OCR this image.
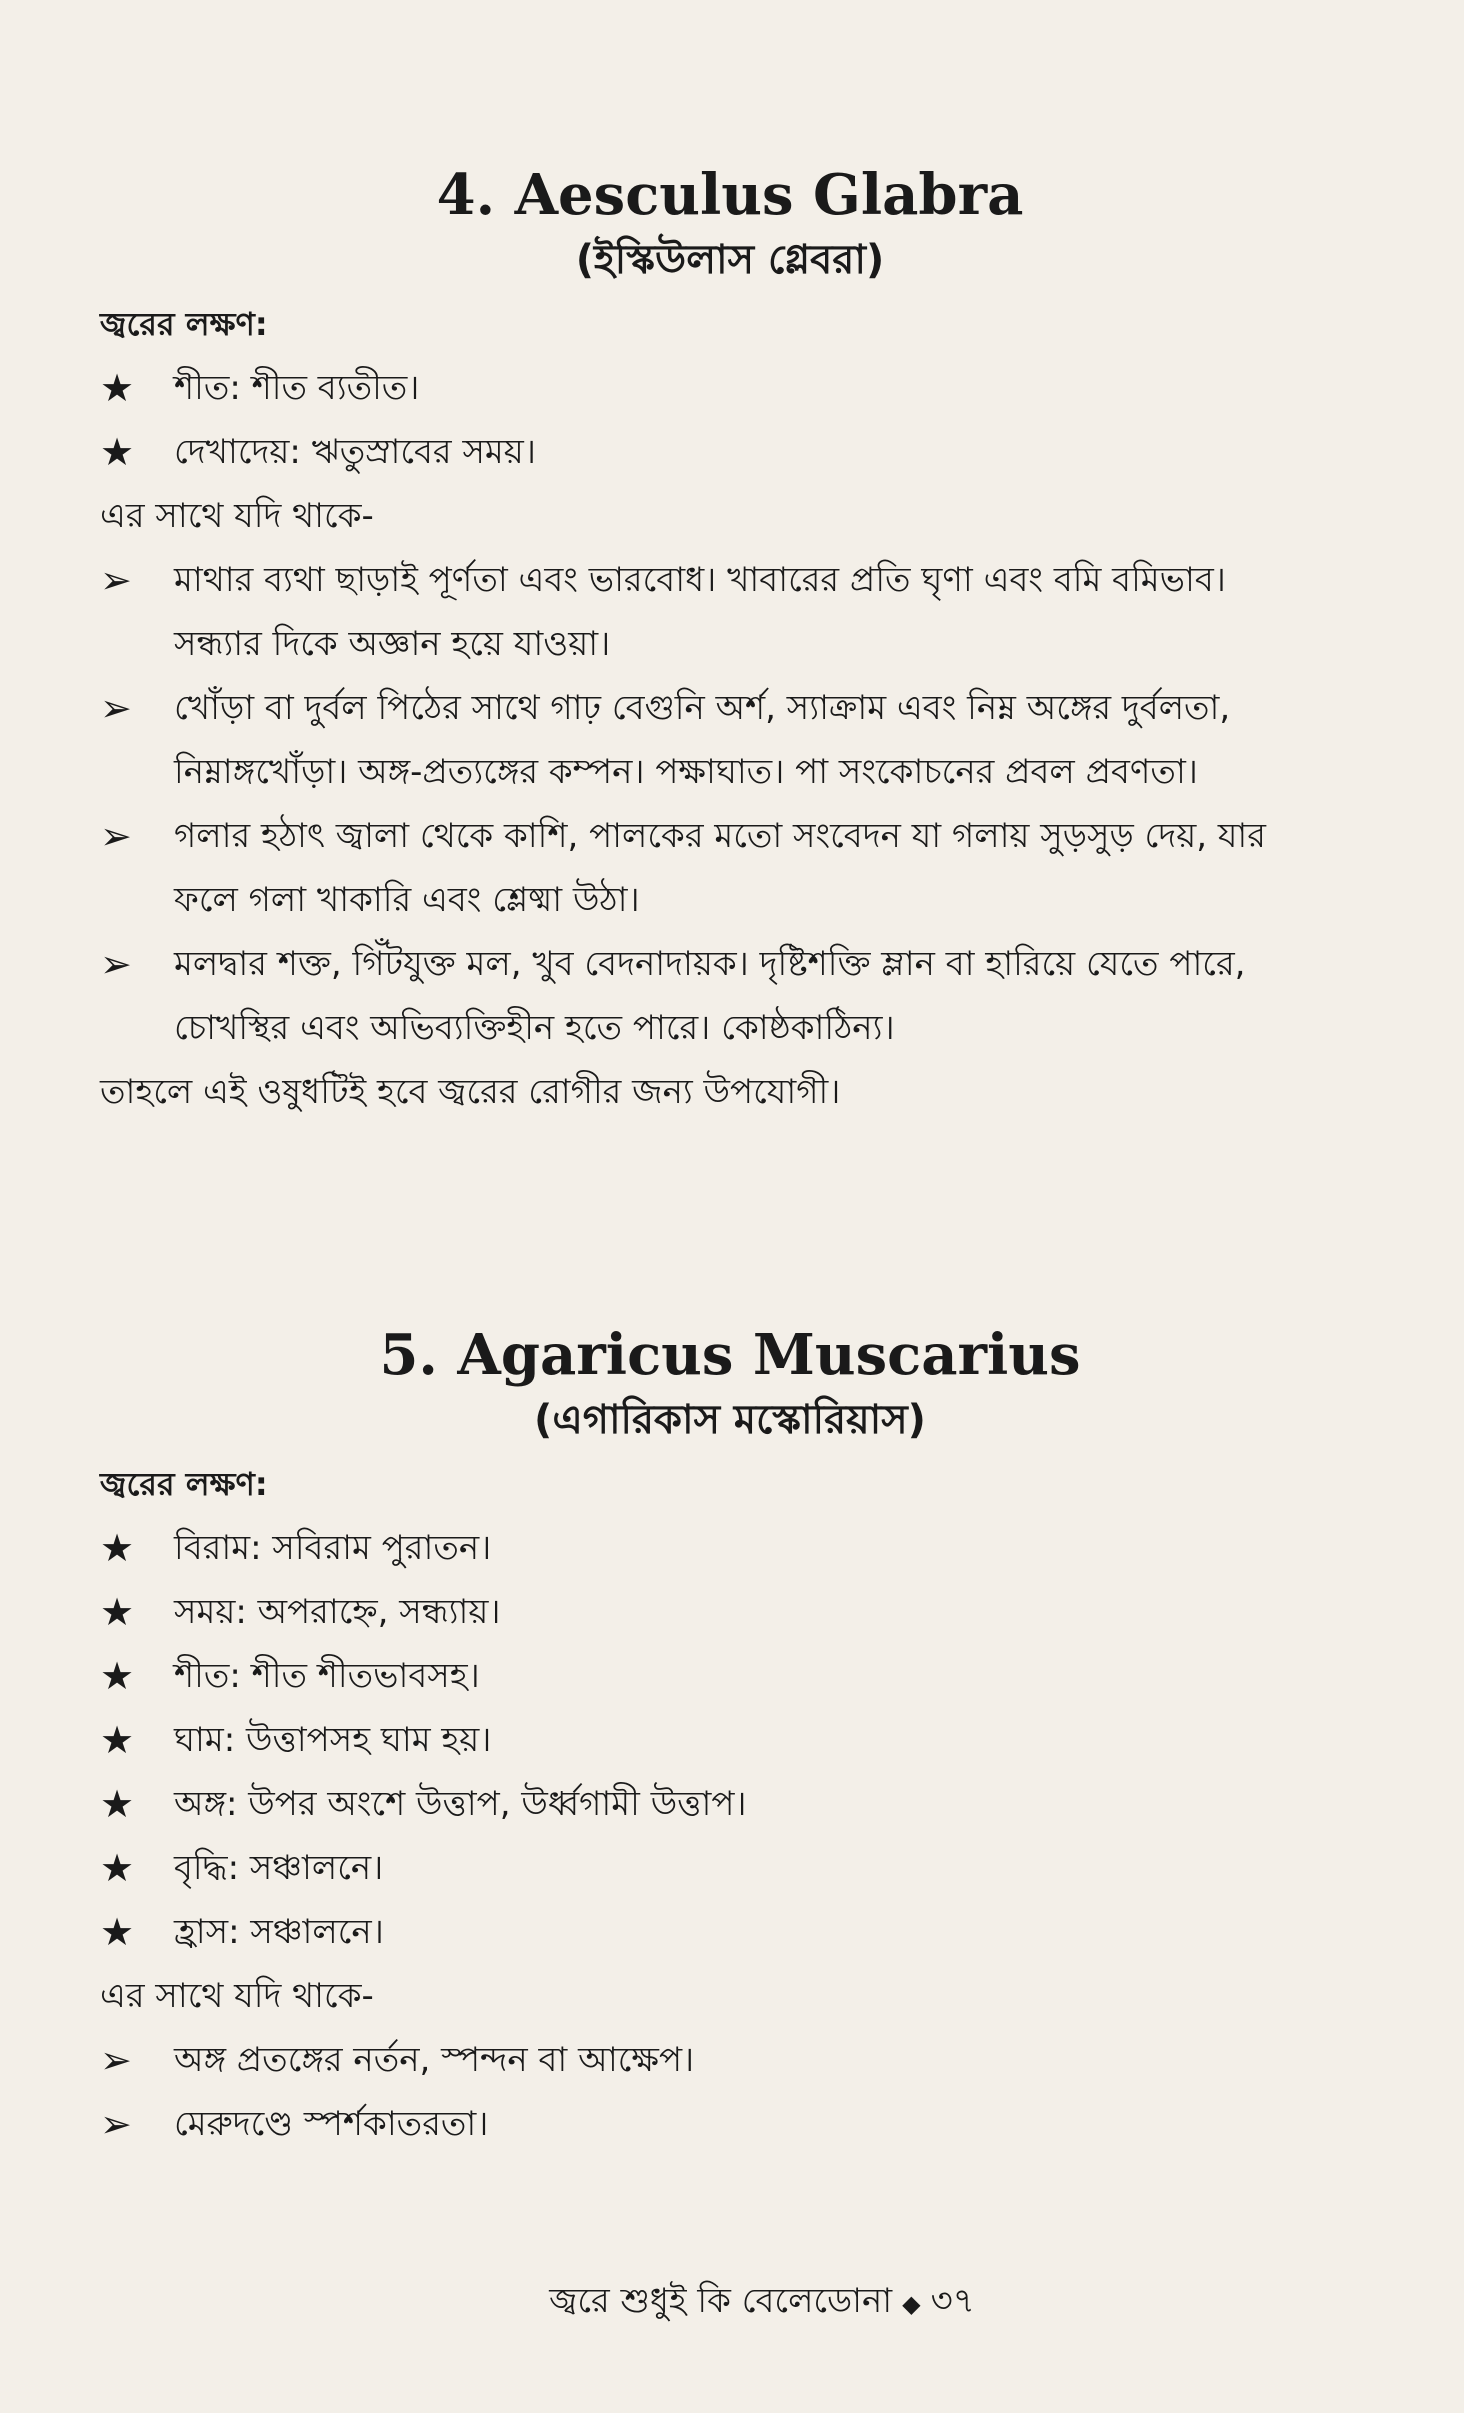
4. Aesculus Glabra
(ইস্কিউলাস গ্লেবরা)

জ্বরের লক্ষণ:

★	শীত: শীত ব্যতীত।
★	দেখাদেয়: ঋতুস্রাবের সময়।

এর সাথে যদি থাকে-

➢	মাথার ব্যথা ছাড়াই পূর্ণতা এবং ভারবোধ। খাবারের প্রতি ঘৃণা এবং বমি বমিভাব। সন্ধ্যার দিকে অজ্ঞান হয়ে যাওয়া।
➢	খোঁড়া বা দুর্বল পিঠের সাথে গাঢ় বেগুনি অর্শ, স্যাক্রাম এবং নিম্ন অঙ্গের দুর্বলতা, নিম্নাঙ্গখোঁড়া। অঙ্গ-প্রত্যঙ্গের কম্পন। পক্ষাঘাত। পা সংকোচনের প্রবল প্রবণতা।
➢	গলার হঠাৎ জ্বালা থেকে কাশি, পালকের মতো সংবেদন যা গলায় সুড়সুড় দেয়, যার ফলে গলা খাকারি এবং শ্লেষ্মা উঠা।
➢	মলদ্বার শক্ত, গিঁটযুক্ত মল, খুব বেদনাদায়ক। দৃষ্টিশক্তি ম্লান বা হারিয়ে যেতে পারে, চোখস্থির এবং অভিব্যক্তিহীন হতে পারে। কোষ্ঠকাঠিন্য।

তাহলে এই ওষুধটিই হবে জ্বরের রোগীর জন্য উপযোগী।

5. Agaricus Muscarius
(এগারিকাস মস্কোরিয়াস)

জ্বরের লক্ষণ:

★	বিরাম: সবিরাম পুরাতন।
★	সময়: অপরাহ্নে, সন্ধ্যায়।
★	শীত: শীত শীতভাবসহ।
★	ঘাম: উত্তাপসহ ঘাম হয়।
★	অঙ্গ: উপর অংশে উত্তাপ, উর্ধ্বগামী উত্তাপ।
★	বৃদ্ধি: সঞ্চালনে।
★	হ্রাস: সঞ্চালনে।

এর সাথে যদি থাকে-

➢	অঙ্গ প্রতঙ্গের নর্তন, স্পন্দন বা আক্ষেপ।
➢	মেরুদণ্ডে স্পর্শকাতরতা।
জ্বরে শুধুই কি বেলেডোনা ◆ ৩৭
